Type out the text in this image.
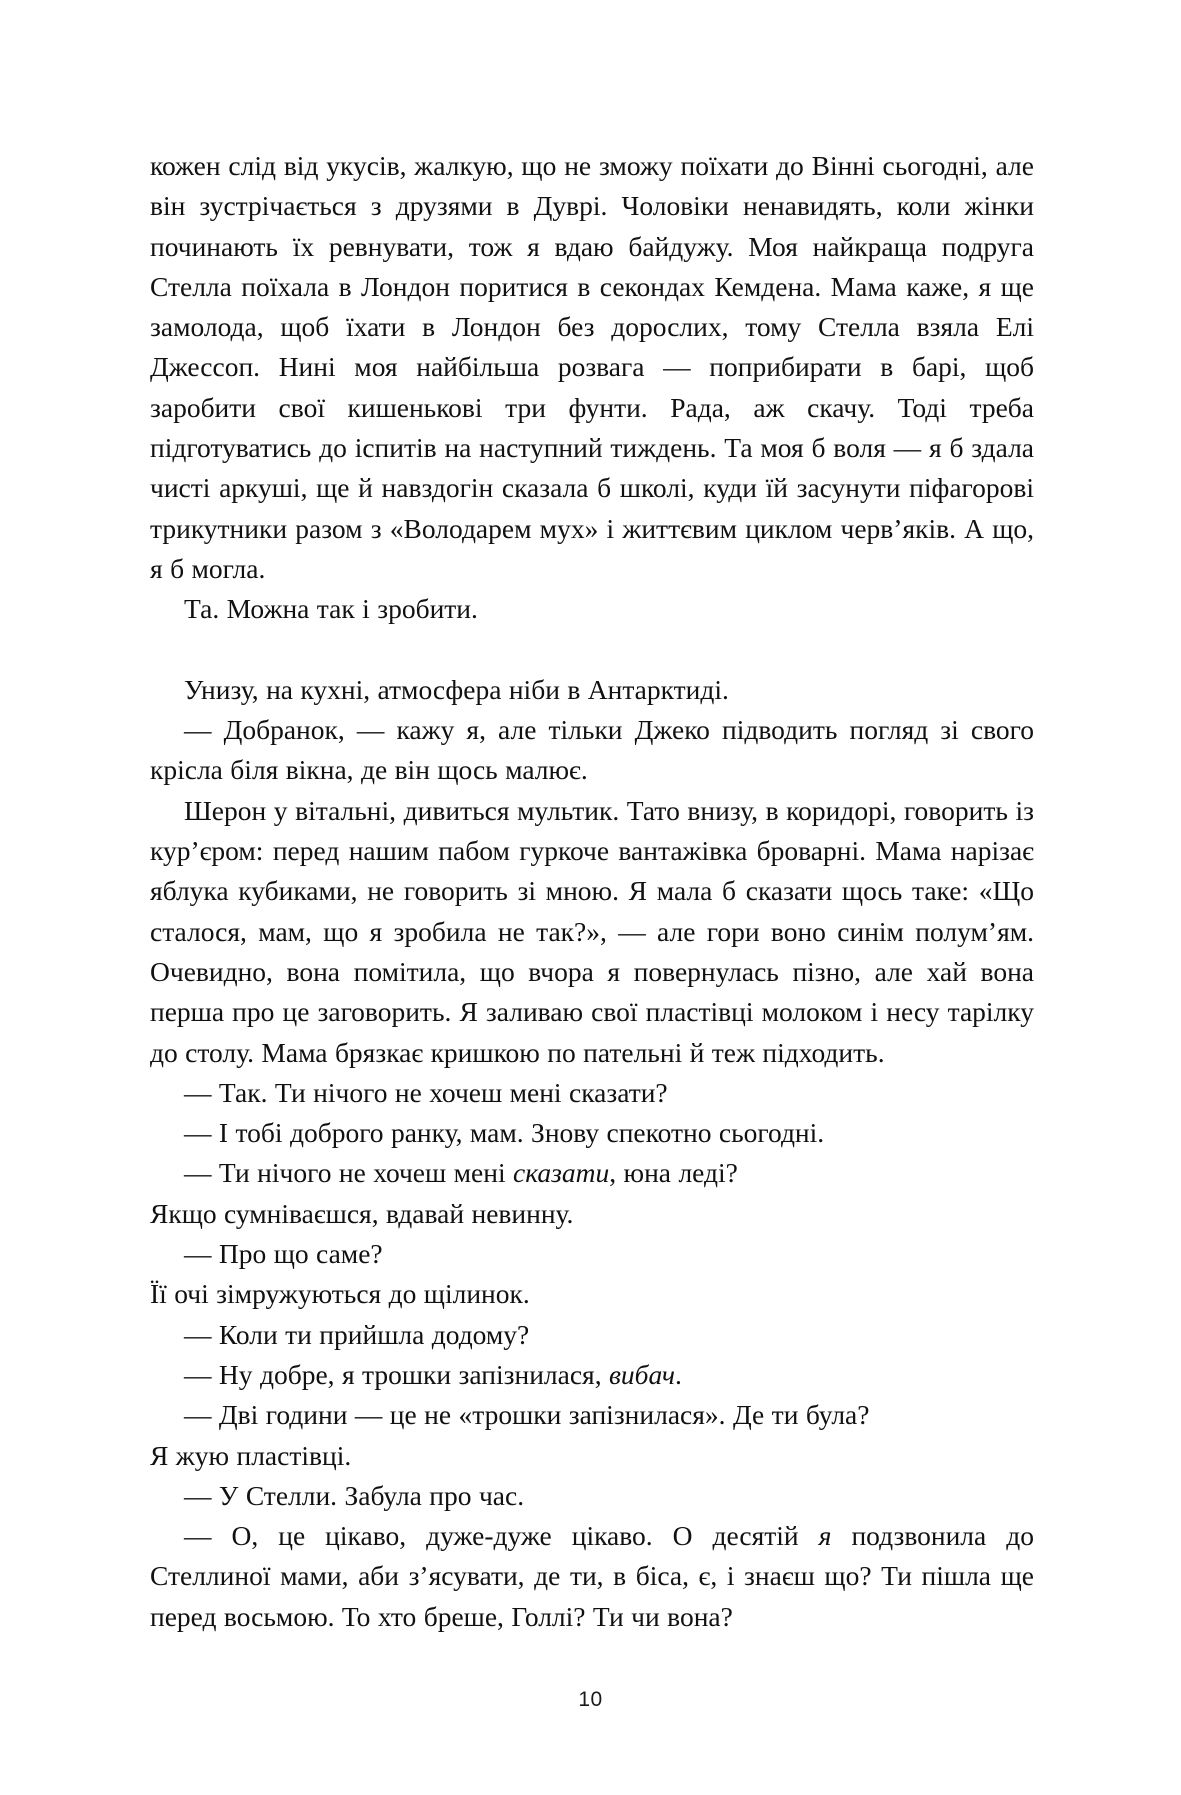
кожен слід від укусів, жалкую, що не зможу поїхати до Вінні сьогодні, але він зустрічається з друзями в Дуврі. Чоловіки ненавидять, коли жінки починають їх ревнувати, тож я вдаю байдужу. Моя найкраща подруга Стелла поїхала в Лондон поритися в секондах Кемдена. Мама каже, я ще замолода, щоб їхати в Лондон без дорослих, тому Стелла взяла Елі Джессоп. Нині моя найбільша розвага — поприбирати в барі, щоб заробити свої кишенькові три фунти. Рада, аж скачу. Тоді треба підготуватись до іспитів на наступний тиждень. Та моя б воля — я б здала чисті аркуші, ще й навздогін сказала б школі, куди їй засунути піфагорові трикутники разом з «Володарем мух» і життєвим циклом черв’яків. А що, я б могла.

Та. Можна так і зробити.

Унизу, на кухні, атмосфера ніби в Антарктиді.

— Добранок, — кажу я, але тільки Джеко підводить погляд зі свого крісла біля вікна, де він щось малює.

Шерон у вітальні, дивиться мультик. Тато внизу, в коридорі, говорить із кур’єром: перед нашим пабом гуркоче вантажівка броварні. Мама нарізає яблука кубиками, не говорить зі мною. Я мала б сказати щось таке: «Що сталося, мам, що я зробила не так?», — але гори воно синім полум’ям. Очевидно, вона помітила, що вчора я повернулась пізно, але хай вона перша про це заговорить. Я заливаю свої пластівці молоком і несу тарілку до столу. Мама брязкає кришкою по пательні й теж підходить.

— Так. Ти нічого не хочеш мені сказати?

— І тобі доброго ранку, мам. Знову спекотно сьогодні.

— Ти нічого не хочеш мені сказати, юна леді?

Якщо сумніваєшся, вдавай невинну.

— Про що саме?

Її очі зімружуються до щілинок.

— Коли ти прийшла додому?

— Ну добре, я трошки запізнилася, вибач.

— Дві години — це не «трошки запізнилася». Де ти була?

Я жую пластівці.

— У Стелли. Забула про час.

— О, це цікаво, дуже-дуже цікаво. О десятій я подзвонила до Стеллиної мами, аби з’ясувати, де ти, в біса, є, і знаєш що? Ти пішла ще перед восьмою. То хто бреше, Голлі? Ти чи вона?

10
